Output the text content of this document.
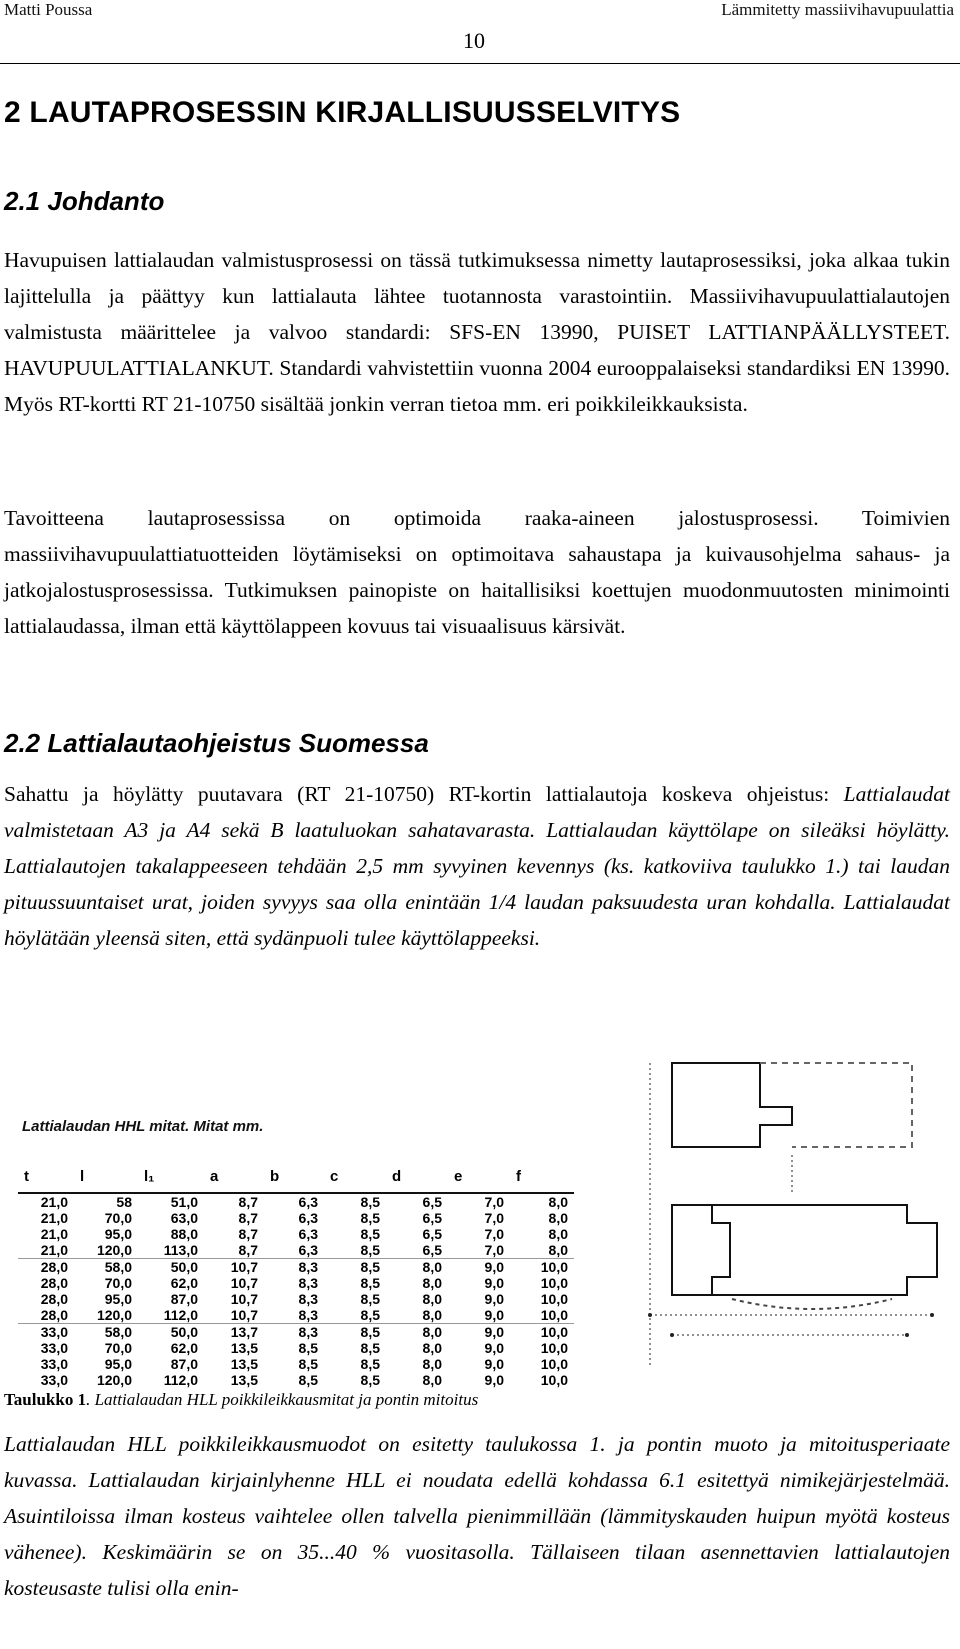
Matti Poussa	Lämmitetty massiivihavupuulattia
10
2 LAUTAPROSESSIN KIRJALLISUUSSELVITYS
2.1 Johdanto

Havupuisen lattialaudan valmistusprosessi on tässä tutkimuksessa nimetty lautaprosessiksi, joka alkaa tukin lajittelulla ja päättyy kun lattialauta lähtee tuotannosta varastointiin. Massiivihavupuulattialautojen valmistusta määrittelee ja valvoo standardi: SFS-EN 13990, PUISET LATTIANPÄÄLLYSTEET. HAVUPUULATTIALANKUT. Standardi vahvistettiin vuonna 2004 eurooppalaiseksi standardiksi EN 13990. Myös RT-kortti RT 21-10750 sisältää jonkin verran tietoa mm. eri poikkileikkauksista.

Tavoitteena lautaprosessissa on optimoida raaka-aineen jalostusprosessi. Toimivien massiivihavupuulattiatuotteiden löytämiseksi on optimoitava sahaustapa ja kuivausohjelma sahaus- ja jatkojalostusprosessissa. Tutkimuksen painopiste on haitallisiksi koettujen muodonmuutosten minimointi lattialaudassa, ilman että käyttölappeen kovuus tai visuaalisuus kärsivät.

2.2 Lattialautaohjeistus Suomessa

Sahattu ja höylätty puutavara (RT 21-10750) RT-kortin lattialautoja koskeva ohjeistus: Lattialaudat valmistetaan A3 ja A4 sekä B laatuluokan sahatavarasta. Lattialaudan käyttölape on sileäksi höylätty. Lattialautojen takalappeeseen tehdään 2,5 mm syvyinen kevennys (ks. katkoviiva taulukko 1.) tai laudan pituussuuntaiset urat, joiden syvyys saa olla enintään 1/4 laudan paksuudesta uran kohdalla. Lattialaudat höylätään yleensä siten, että sydänpuoli tulee käyttölappeeksi.

Lattialaudan HHL mitat. Mitat mm.
t	l	l₁	a	b	c	d	e	f
21,0	58	51,0	8,7	6,3	8,5	6,5	7,0	8,0
21,0	70,0	63,0	8,7	6,3	8,5	6,5	7,0	8,0
21,0	95,0	88,0	8,7	6,3	8,5	6,5	7,0	8,0
21,0	120,0	113,0	8,7	6,3	8,5	6,5	7,0	8,0
28,0	58,0	50,0	10,7	8,3	8,5	8,0	9,0	10,0
28,0	70,0	62,0	10,7	8,3	8,5	8,0	9,0	10,0
28,0	95,0	87,0	10,7	8,3	8,5	8,0	9,0	10,0
28,0	120,0	112,0	10,7	8,3	8,5	8,0	9,0	10,0
33,0	58,0	50,0	13,7	8,3	8,5	8,0	9,0	10,0
33,0	70,0	62,0	13,5	8,5	8,5	8,0	9,0	10,0
33,0	95,0	87,0	13,5	8,5	8,5	8,0	9,0	10,0
33,0	120,0	112,0	13,5	8,5	8,5	8,0	9,0	10,0
Taulukko 1. Lattialaudan HLL poikkileikkausmitat ja pontin mitoitus

Lattialaudan HLL poikkileikkausmuodot on esitetty taulukossa 1. ja pontin muoto ja mitoitusperiaate kuvassa. Lattialaudan kirjainlyhenne HLL ei noudata edellä kohdassa 6.1 esitettyä nimikejärjestelmää. Asuintiloissa ilman kosteus vaihtelee ollen talvella pienimmillään (lämmityskauden huipun myötä kosteus vähenee). Keskimäärin se on 35...40 % vuositasolla. Tällaiseen tilaan asennettavien lattialautojen kosteusaste tulisi olla enin-
